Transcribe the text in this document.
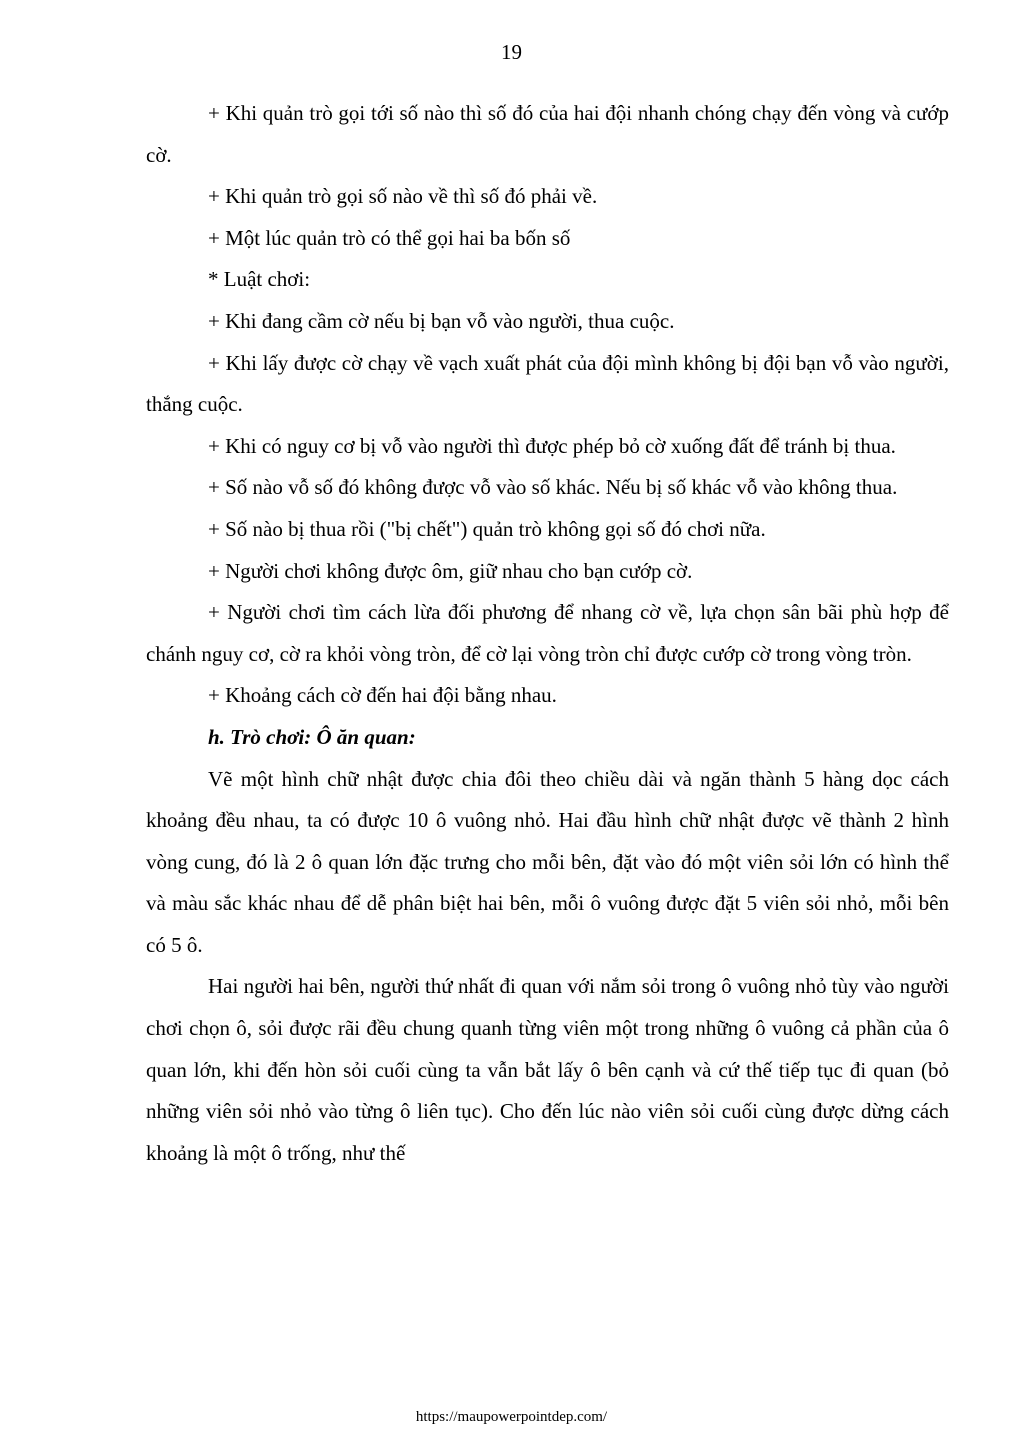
19

+ Khi quản trò gọi tới số nào thì số đó của hai đội nhanh chóng chạy đến vòng và cướp cờ.

+ Khi quản trò gọi số nào về thì số đó phải về.

+ Một lúc quản trò có thể gọi hai ba bốn số

* Luật chơi:

+ Khi đang cầm cờ nếu bị bạn vỗ vào người, thua cuộc.

+ Khi lấy được cờ chạy về vạch xuất phát của đội mình không bị đội bạn vỗ vào người, thắng cuộc.

+ Khi có nguy cơ bị vỗ vào người thì được phép bỏ cờ xuống đất để tránh bị thua.

+ Số nào vỗ số đó không được vỗ vào số khác. Nếu bị số khác vỗ vào không thua.

+ Số nào bị thua rồi ("bị chết") quản trò không gọi số đó chơi nữa.

+ Người chơi không được ôm, giữ nhau cho bạn cướp cờ.

+ Người chơi tìm cách lừa đối phương để nhang cờ về, lựa chọn sân bãi phù hợp để chánh nguy cơ, cờ ra khỏi vòng tròn, để cờ lại vòng tròn chỉ được cướp cờ trong vòng tròn.

+ Khoảng cách cờ đến hai đội bằng nhau.

h. Trò chơi: Ô ăn quan:

Vẽ một hình chữ nhật được chia đôi theo chiều dài và ngăn thành 5 hàng dọc cách khoảng đều nhau, ta có được 10 ô vuông nhỏ. Hai đầu hình chữ nhật được vẽ thành 2 hình vòng cung, đó là 2 ô quan lớn đặc trưng cho mỗi bên, đặt vào đó một viên sỏi lớn có hình thể và màu sắc khác nhau để dễ phân biệt hai bên, mỗi ô vuông được đặt 5 viên sỏi nhỏ, mỗi bên có 5 ô.

Hai người hai bên, người thứ nhất đi quan với nắm sỏi trong ô vuông nhỏ tùy vào người chơi chọn ô, sỏi được rãi đều chung quanh từng viên một trong những ô vuông cả phần của ô quan lớn, khi đến hòn sỏi cuối cùng ta vẫn bắt lấy ô bên cạnh và cứ thế tiếp tục đi quan (bỏ những viên sỏi nhỏ vào từng ô liên tục). Cho đến lúc nào viên sỏi cuối cùng được dừng cách khoảng là một ô trống, như thế

https://maupowerpointdep.com/
